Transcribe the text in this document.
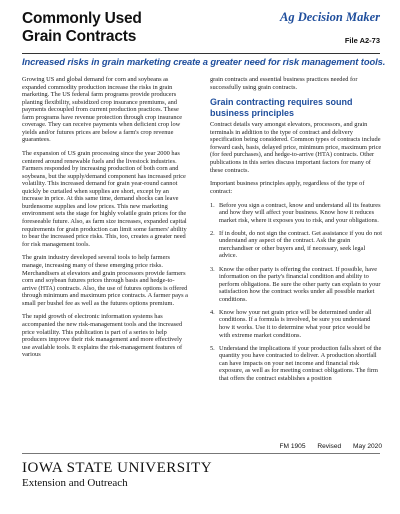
Commonly Used
Grain Contracts
Ag Decision Maker
File A2-73
Increased risks in grain marketing create a greater need for risk management tools.

Growing US and global demand for corn and soybeans as expanded commodity production increase the risks in grain marketing. The US federal farm programs provide producers planting flexibility, subsidized crop insurance premiums, and payments decoupled from current production practices. These farm programs have revenue protection through crop insurance coverage. They can receive payments when deficient crop low yields and/or futures prices are below a farm's crop revenue guarantees.

The expansion of US grain processing since the year 2000 has centered around renewable fuels and the livestock industries. Farmers responded by increasing production of both corn and soybeans, but the supply/demand component has increased price volatility. This increased demand for grain year-round cannot quickly be curtailed when supplies are short, except by an increase in price. At this same time, demand shocks can leave burdensome supplies and low prices. This new marketing environment sets the stage for highly volatile grain prices for the foreseeable future. Also, as farm size increases, expanded capital requirements for grain production can limit some farmers' ability to bear the increased price risks. This, too, creates a greater need for risk management tools.

The grain industry developed several tools to help farmers manage, increasing many of these emerging price risks. Merchandisers at elevators and grain processors provide farmers corn and soybean futures prices through basis and hedge-to-arrive (HTA) contracts. Also, the use of futures options is offered through minimum and maximum price contracts. A farmer pays a small per bushel fee as well as the futures options premium.

The rapid growth of electronic information systems has accompanied the new risk-management tools and the increased price volatility. This publication is part of a series to help producers improve their risk management and more effectively use available tools. It explains the risk-management features of various

grain contracts and essential business practices needed for successfully using grain contracts.

Grain contracting requires sound business principles

Contract details vary amongst elevators, processors, and grain terminals in addition to the type of contract and delivery specification being considered. Common types of contracts include forward cash, basis, delayed price, minimum price, maximum price (for feed purchases), and hedge-to-arrive (HTA) contracts. Other publications in this series discuss important factors for many of these contracts.

Important business principles apply, regardless of the type of contract:

1. Before you sign a contract, know and understand all its features and how they will affect your business. Know how it reduces market risk, where it exposes you to risk, and your obligations.
2. If in doubt, do not sign the contract. Get assistance if you do not understand any aspect of the contract. Ask the grain merchandiser or other buyers and, if necessary, seek legal advice.
3. Know the other party is offering the contract. If possible, have information on the party's financial condition and ability to perform obligations. Be sure the other party can explain to your satisfaction how the contract works under all possible market conditions.
4. Know how your net grain price will be determined under all conditions. If a formula is involved, be sure you understand how it works. Use it to determine what your price would be with extreme market conditions.
5. Understand the implications if your production falls short of the quantity you have contracted to deliver. A production shortfall can have impacts on your net income and financial risk exposure, as well as for meeting contract obligations. The firm that offers the contract establishes a position
FM 1905 Revised May 2020
IOWA STATE UNIVERSITY
Extension and Outreach
